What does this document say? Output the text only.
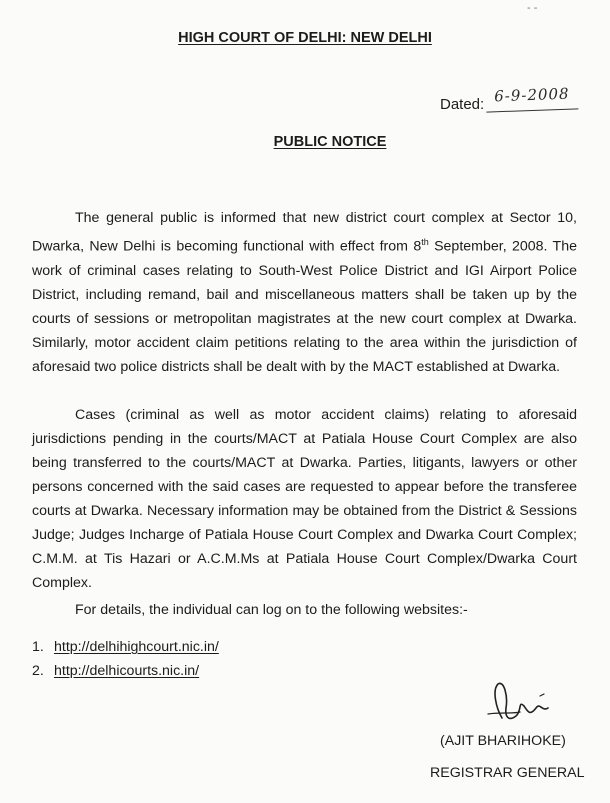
- -
HIGH COURT OF DELHI: NEW DELHI
Dated: 6-9-2008
PUBLIC NOTICE

The general public is informed that new district court complex at Sector 10, Dwarka, New Delhi is becoming functional with effect from 8th September, 2008. The work of criminal cases relating to South-West Police District and IGI Airport Police District, including remand, bail and miscellaneous matters shall be taken up by the courts of sessions or metropolitan magistrates at the new court complex at Dwarka. Similarly, motor accident claim petitions relating to the area within the jurisdiction of aforesaid two police districts shall be dealt with by the MACT established at Dwarka.

Cases (criminal as well as motor accident claims) relating to aforesaid jurisdictions pending in the courts/MACT at Patiala House Court Complex are also being transferred to the courts/MACT at Dwarka. Parties, litigants, lawyers or other persons concerned with the said cases are requested to appear before the transferee courts at Dwarka. Necessary information may be obtained from the District & Sessions Judge; Judges Incharge of Patiala House Court Complex and Dwarka Court Complex; C.M.M. at Tis Hazari or A.C.M.Ms at Patiala House Court Complex/Dwarka Court Complex.

For details, the individual can log on to the following websites:-

1. http://delhihighcourt.nic.in/
2. http://delhicourts.nic.in/
(AJIT BHARIHOKE)
REGISTRAR GENERAL
